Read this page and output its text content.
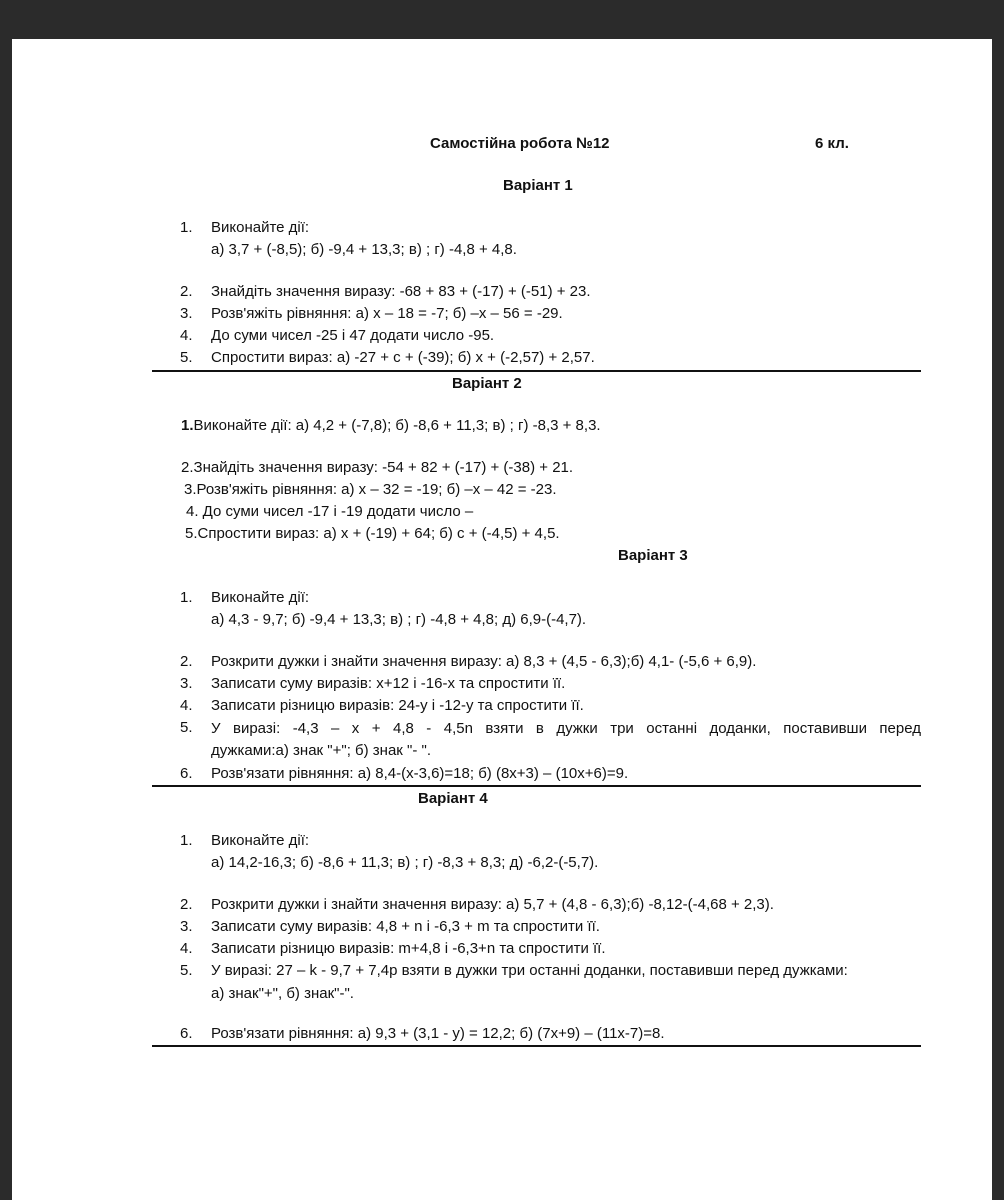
Самостійна робота №12	6 кл.
Варіант 1
1. Виконайте дії:
а) 3,7 + (-8,5); б) -9,4 + 13,3; в) ; г) -4,8 + 4,8.
2. Знайдіть значення виразу: -68 + 83 + (-17) + (-51) + 23.
3. Розв'яжіть рівняння: а) х – 18 = -7; б) –х – 56 = -29.
4. До суми чисел -25 і 47 додати число -95.
5. Спростити вираз: а) -27 + с + (-39); б) х + (-2,57) + 2,57.
Варіант 2
1.Виконайте дії: а) 4,2 + (-7,8); б) -8,6 + 11,3; в) ; г) -8,3 + 8,3.
2.Знайдіть значення виразу: -54 + 82 + (-17) + (-38) + 21.
3.Розв'яжіть рівняння: а) х – 32 = -19; б) –х – 42 = -23.
4. До суми чисел -17 і -19 додати число –
5.Спростити вираз: а) х + (-19) + 64; б) с + (-4,5) + 4,5.
Варіант 3
1. Виконайте дії:
а) 4,3 - 9,7; б) -9,4 + 13,3; в) ; г) -4,8 + 4,8; д) 6,9-(-4,7).
2. Розкрити дужки і знайти значення виразу: а) 8,3 + (4,5 - 6,3);б) 4,1- (-5,6 + 6,9).
3. Записати суму виразів: х+12 і -16-х та спростити її.
4. Записати різницю виразів: 24-у і -12-у та спростити її.
5. У виразі: -4,3 – х + 4,8 - 4,5n взяти в дужки три останні доданки, поставивши перед
дужками:а) знак "+"; б) знак "- ".
6. Розв'язати рівняння: а) 8,4-(х-3,6)=18; б) (8х+3) – (10х+6)=9.
Варіант 4
1. Виконайте дії:
а) 14,2-16,3; б) -8,6 + 11,3; в) ; г) -8,3 + 8,3; д) -6,2-(-5,7).
2. Розкрити дужки і знайти значення виразу: а) 5,7 + (4,8 - 6,3);б) -8,12-(-4,68 + 2,3).
3. Записати суму виразів: 4,8 + n і -6,3 + m та спростити її.
4. Записати різницю виразів: m+4,8 і -6,3+n та спростити її.
5. У виразі: 27 – k - 9,7 + 7,4p взяти в дужки три останні доданки, поставивши перед дужками:
а) знак"+", б) знак"-".
6. Розв'язати рівняння: а) 9,3 + (3,1 - у) = 12,2; б) (7х+9) – (11х-7)=8.
